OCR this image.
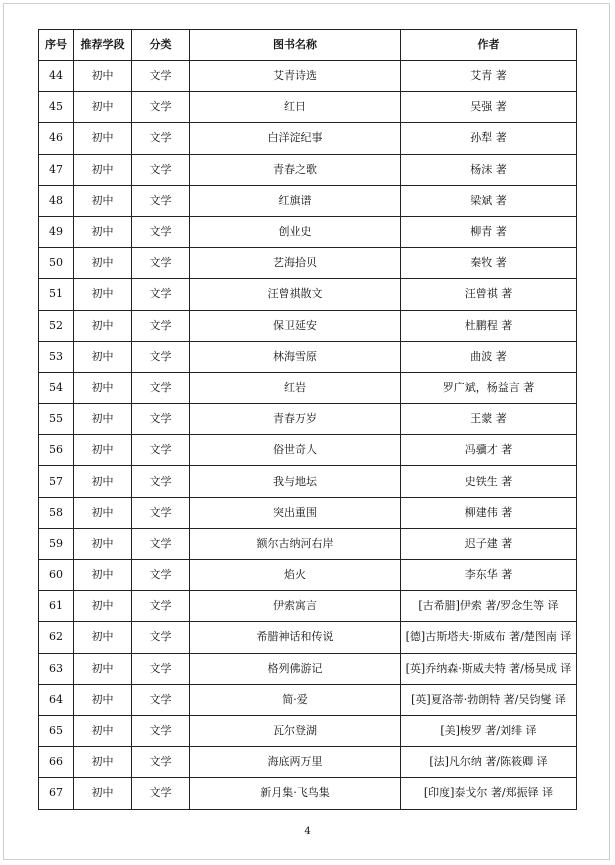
序号	推荐学段	分类	图书名称	作者
44	初中	文学	艾青诗选	艾青 著
45	初中	文学	红日	吴强 著
46	初中	文学	白洋淀纪事	孙犁 著
47	初中	文学	青春之歌	杨沫 著
48	初中	文学	红旗谱	梁斌 著
49	初中	文学	创业史	柳青 著
50	初中	文学	艺海拾贝	秦牧 著
51	初中	文学	汪曾祺散文	汪曾祺 著
52	初中	文学	保卫延安	杜鹏程 著
53	初中	文学	林海雪原	曲波 著
54	初中	文学	红岩	罗广斌，杨益言 著
55	初中	文学	青春万岁	王蒙 著
56	初中	文学	俗世奇人	冯骥才 著
57	初中	文学	我与地坛	史铁生 著
58	初中	文学	突出重围	柳建伟 著
59	初中	文学	额尔古纳河右岸	迟子建 著
60	初中	文学	焰火	李东华 著
61	初中	文学	伊索寓言	[古希腊]伊索 著/罗念生等 译
62	初中	文学	希腊神话和传说	[德]古斯塔夫·斯威布 著/楚图南 译
63	初中	文学	格列佛游记	[英]乔纳森·斯威夫特 著/杨昊成 译
64	初中	文学	简·爱	[英]夏洛蒂·勃朗特 著/吴钧燮 译
65	初中	文学	瓦尔登湖	[美]梭罗 著/刘绯 译
66	初中	文学	海底两万里	[法]凡尔纳 著/陈筱卿 译
67	初中	文学	新月集·飞鸟集	[印度]泰戈尔 著/郑振铎 译
4
